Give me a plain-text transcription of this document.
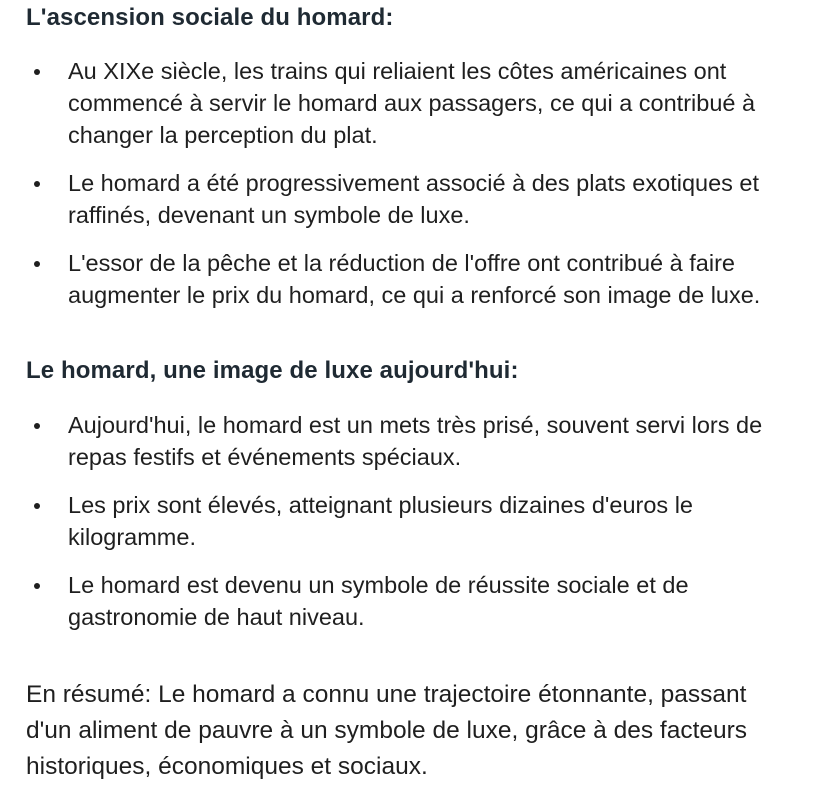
L'ascension sociale du homard:
Au XIXe siècle, les trains qui reliaient les côtes américaines ont commencé à servir le homard aux passagers, ce qui a contribué à changer la perception du plat.
Le homard a été progressivement associé à des plats exotiques et raffinés, devenant un symbole de luxe.
L'essor de la pêche et la réduction de l'offre ont contribué à faire augmenter le prix du homard, ce qui a renforcé son image de luxe.
Le homard, une image de luxe aujourd'hui:
Aujourd'hui, le homard est un mets très prisé, souvent servi lors de repas festifs et événements spéciaux.
Les prix sont élevés, atteignant plusieurs dizaines d'euros le kilogramme.
Le homard est devenu un symbole de réussite sociale et de gastronomie de haut niveau.

En résumé: Le homard a connu une trajectoire étonnante, passant d'un aliment de pauvre à un symbole de luxe, grâce à des facteurs historiques, économiques et sociaux.
